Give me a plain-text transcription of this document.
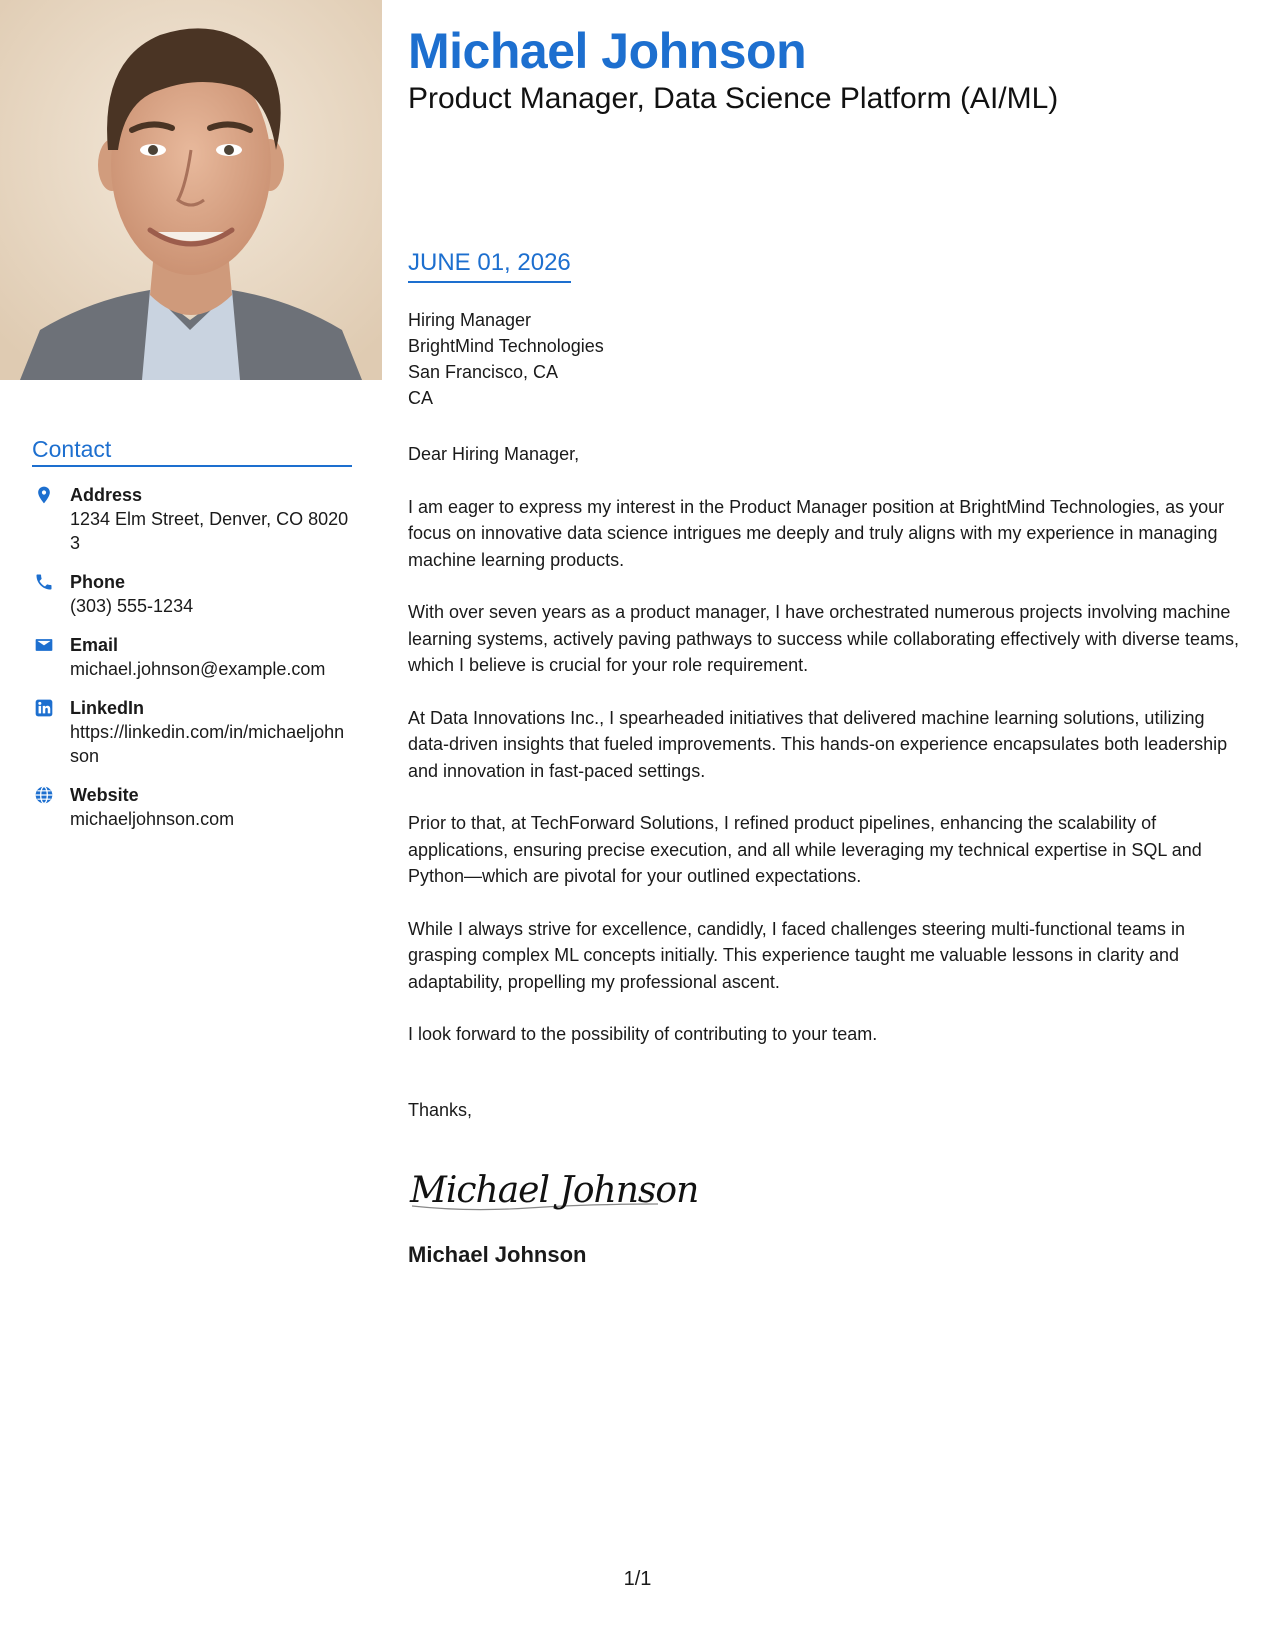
Contact
Address
1234 Elm Street, Denver, CO 80203
Phone
(303) 555-1234
Email
michael.johnson@example.com
LinkedIn
https://linkedin.com/in/michaeljohnson
Website
michaeljohnson.com
Michael Johnson
Product Manager, Data Science Platform (AI/ML)
JUNE 01, 2026
Hiring Manager
BrightMind Technologies
San Francisco, CA
CA

Dear Hiring Manager,

I am eager to express my interest in the Product Manager position at BrightMind Technologies, as your focus on innovative data science intrigues me deeply and truly aligns with my experience in managing machine learning products.

With over seven years as a product manager, I have orchestrated numerous projects involving machine learning systems, actively paving pathways to success while collaborating effectively with diverse teams, which I believe is crucial for your role requirement.

At Data Innovations Inc., I spearheaded initiatives that delivered machine learning solutions, utilizing data-driven insights that fueled improvements. This hands-on experience encapsulates both leadership and innovation in fast-paced settings.

Prior to that, at TechForward Solutions, I refined product pipelines, enhancing the scalability of applications, ensuring precise execution, and all while leveraging my technical expertise in SQL and Python—which are pivotal for your outlined expectations.

While I always strive for excellence, candidly, I faced challenges steering multi-functional teams in grasping complex ML concepts initially. This experience taught me valuable lessons in clarity and adaptability, propelling my professional ascent.

I look forward to the possibility of contributing to your team.

Thanks,
Michael Johnson
Michael Johnson
1/1
